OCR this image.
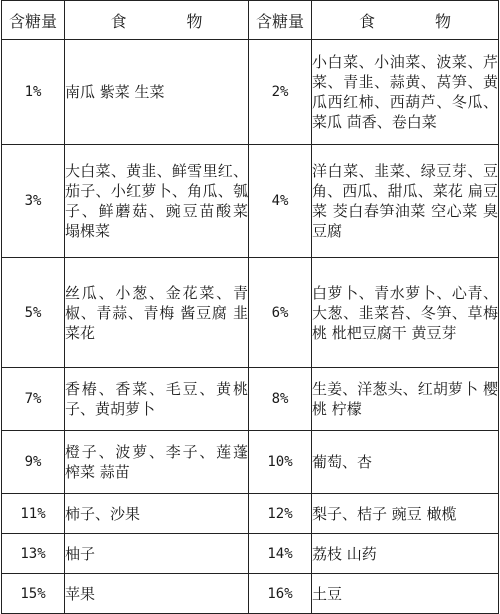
含糖量	食　物	含糖量	食　物
1%	南瓜 紫菜 生菜	2%	小白菜、小油菜、波菜、芹菜、青韭、蒜黄、莴笋、黄瓜西红柿、西葫芦、冬瓜、菜瓜 茴香、卷白菜
3%	大白菜、黄韭、鲜雪里红、茄子、小红萝卜、角瓜、瓠子、鲜蘑菇、豌豆苗酸菜 塌棵菜	4%	洋白菜、韭菜、绿豆芽、豆角、西瓜、甜瓜、菜花 扁豆菜 茭白春笋油菜 空心菜 臭豆腐
5%	丝瓜、小葱、金花菜、青椒、青蒜、青梅 酱豆腐 韭菜花	6%	白萝卜、青水萝卜、心青、大葱、韭菜苔、冬笋、草梅 桃 枇杷豆腐干 黄豆芽
7%	香椿、香菜、毛豆、黄桃子、黄胡萝卜	8%	生姜、洋葱头、红胡萝卜 樱桃 柠檬
9%	橙子、波萝、李子、莲蓬 榨菜 蒜苗	10%	葡萄、杏
11%	柿子、沙果	12%	梨子、桔子 豌豆 橄榄
13%	柚子	14%	荔枝 山药
15%	苹果	16%	土豆
